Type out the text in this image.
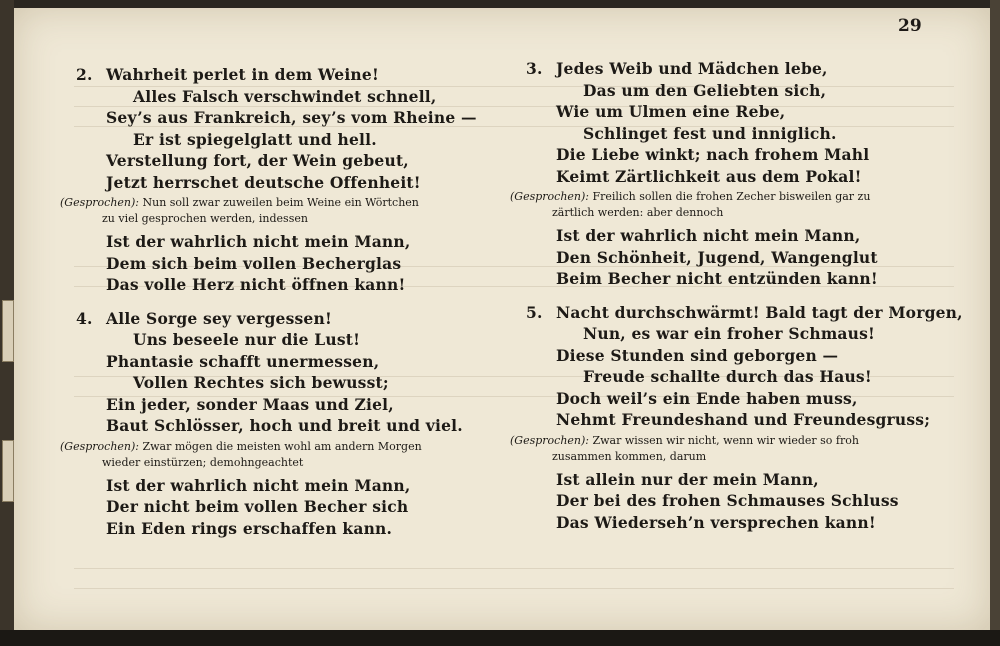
29
2. Wahrheit perlet in dem Weine!
Alles Falsch verschwindet schnell,
Sey’s aus Frankreich, sey’s vom Rheine —
Er ist spiegelglatt und hell.
Verstellung fort, der Wein gebeut,
Jetzt herrschet deutsche Offenheit!
(Gesprochen): Nun soll zwar zuweilen beim Weine ein Wörtchen
zu viel gesprochen werden, indessen
Ist der wahrlich nicht mein Mann,
Dem sich beim vollen Becherglas
Das volle Herz nicht öffnen kann!
4. Alle Sorge sey vergessen!
Uns beseele nur die Lust!
Phantasie schafft unermessen,
Vollen Rechtes sich bewusst;
Ein jeder, sonder Maas und Ziel,
Baut Schlösser, hoch und breit und viel.
(Gesprochen): Zwar mögen die meisten wohl am andern Morgen
wieder einstürzen; demohngeachtet
Ist der wahrlich nicht mein Mann,
Der nicht beim vollen Becher sich
Ein Eden rings erschaffen kann.
3. Jedes Weib und Mädchen lebe,
Das um den Geliebten sich,
Wie um Ulmen eine Rebe,
Schlinget fest und inniglich.
Die Liebe winkt; nach frohem Mahl
Keimt Zärtlichkeit aus dem Pokal!
(Gesprochen): Freilich sollen die frohen Zecher bisweilen gar zu
zärtlich werden: aber dennoch
Ist der wahrlich nicht mein Mann,
Den Schönheit, Jugend, Wangenglut
Beim Becher nicht entzünden kann!
5. Nacht durchschwärmt! Bald tagt der Morgen,
Nun, es war ein froher Schmaus!
Diese Stunden sind geborgen —
Freude schallte durch das Haus!
Doch weil’s ein Ende haben muss,
Nehmt Freundeshand und Freundesgruss;
(Gesprochen): Zwar wissen wir nicht, wenn wir wieder so froh
zusammen kommen, darum
Ist allein nur der mein Mann,
Der bei des frohen Schmauses Schluss
Das Wiederseh’n versprechen kann!
